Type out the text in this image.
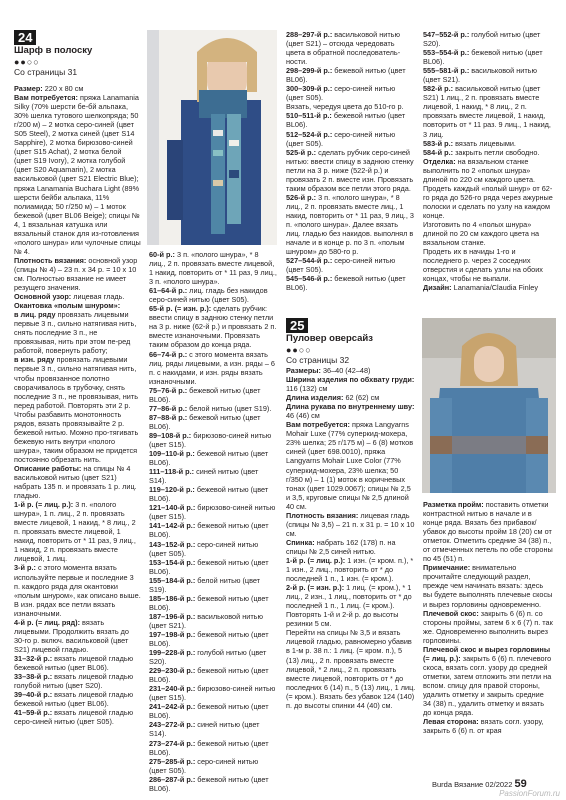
24

Шарф в полоску

●●○○
Со страницы 31

Размер: 220 x 80 см

Вам потребуется: пряжа Lanamania Silky (70% шерсти бе-бй альпака, 30% шелка тутового шелкопряда; 50 г/200 м) – 2 мотка серо-синей (цвет S05 Steel), 2 мотка синей (цвет S14 Sapphire), 2 мотка бирюзово-синей (цвет S15 Achat), 2 мотка белой (цвет S19 Ivory), 2 мотка голубой (цвет S20 Aquamarin), 2 мотка васильковой (цвет S21 Electric Blue); пряжа Lanamania Buchara Light (89% шерсти бейби альпака, 11% полиамида; 50 г/250 м) – 1 моток бежевой (цвет BL06 Beige); спицы № 4, 1 вязальная катушка или вязальный станок для из-готовления «полого шнура» или чулочные спицы № 4.

Плотность вязания: основной узор (спицы № 4) – 23 п. x 34 р. = 10 x 10 см. Полностью вязание не имеет резущего значения.

Основной узор: лицевая гладь.

Окантовка «полым шнуром»:

в лиц. ряду провязать лицевыми первые 3 п., сильно натягивая нить, снять последние 3 п., не провязывая, нить при этом пе-ред работой, повернуть работу;

в изн. ряду провязать лицевыми первые 3 п., сильно натягивая нить, чтобы провязанное полотно сворачивалось в трубочку, снять последние 3 п., не провязывая, нить перед работой. Повторять эти 2 р.

Чтобы разбавить монотонность рядов, вязать провязывайте 2 р. бежевой нитью. Можно про-тягивать бежевую нить внутри «полого шнура», таким образом не придется постоянно обрезать нить.

Описание работы: на спицы № 4 васильковой нитью (цвет S21) набрать 135 п. и провязать 1 р. лиц. гладью.

1-й р. (= лиц. р.): 3 п. «полого шнура», 1 п. лиц., 2 п. провязать вместе лицевой, 1 накид, * 8 лиц., 2 п. провязать вместе лицевой, 1 накид, повторить от * 11 раз, 9 лиц., 1 накид, 2 п. провязать вместе лицевой, 1 лиц.

3-й р.: с этого момента вязать используйте первые и последние 3 п. каждого ряда для окантовки «полым шнуром», как описано выше. В изн. рядах все петли вязать изнаночными.

4-й р. (= лиц. ряд): вязать лицевыми. Продолжить вязать до 30-го р. включ. васильковой (цвет S21) лицевой гладью.

31–32-й р.: вязать лицевой гладью бежевой нитью (цвет BL06).

33–38-й р.: вязать лицевой гладью голубой нитью (цвет S20).

39–40-й р.: вязать лицевой гладью бежевой нитью (цвет BL06).

41–59-й р.: вязать лицевой гладью серо-синей нитью (цвет S05).

60-й р.: 3 п. «полого шнура», * 8 лиц., 2 п. провязать вместе лицевой, 1 накид, повторить от * 11 раз, 9 лиц., 3 п. «полого шнура».

61–64-й р.: лиц. гладь без накидов серо-синей нитью (цвет S05).

65-й р. (= изн. р.): сделать рубчик: ввести спицу в заднюю стенку петли на 3 р. ниже (62-й р.) и провязать 2 п. вместе изнаночными. Провязать таким образом до конца ряда.

66–74-й р.: с этого момента вязать лиц. ряды лицевыми, а изн. ряды – 6 п. с накидами, и изн. ряды вязать изнаночными.

75–76-й р.: бежевой нитью (цвет BL06).

77–86-й р.: белой нитью (цвет S19).

87–88-й р.: бежевой нитью (цвет BL06).

89–108-й р.: бирюзово-синей нитью (цвет S15).

109–110-й р.: бежевой нитью (цвет BL06).

111–118-й р.: синей нитью (цвет S14).

119–120-й р.: бежевой нитью (цвет BL06).

121–140-й р.: бирюзово-синей нитью (цвет S15).

141–142-й р.: бежевой нитью (цвет BL06).

143–152-й р.: серо-синей нитью (цвет S05).

153–154-й р.: бежевой нитью (цвет BL06).

155–184-й р.: белой нитью (цвет S19).

185–186-й р.: бежевой нитью (цвет BL06).

187–196-й р.: васильковой нитью (цвет S21).

197–198-й р.: бежевой нитью (цвет BL06).

199–228-й р.: голубой нитью (цвет S20).

229–230-й р.: бежевой нитью (цвет BL06).

231–240-й р.: бирюзово-синей нитью (цвет S15).

241–242-й р.: бежевой нитью (цвет BL06).

243–272-й р.: синей нитью (цвет S14).

273–274-й р.: бежевой нитью (цвет BL06).

275–285-й р.: серо-синей нитью (цвет S05).

286–287-й р.: бежевой нитью (цвет BL06).

288–297-й р.: васильковой нитью (цвет S21) – отсюда чередовать цвета в обратной последователь-ности.

298–299-й р.: бежевой нитью (цвет BL06).

300–309-й р.: серо-синей нитью (цвет S05).

Вязать, чередуя цвета до 510-го р.

510–511-й р.: бежевой нитью (цвет BL06).

512–524-й р.: серо-синей нитью (цвет S05).

525-й р.: сделать рубчик серо-синей нитью: ввести спицу в заднюю стенку петли на 3 р. ниже (522-й р.) и провязать 2 п. вместе изн. Провязать таким образом все петли этого ряда.

526-й р.: 3 п. «полого шнура», * 8 лиц., 2 п. провязать вместе лиц., 1 накид, повторить от * 11 раз, 9 лиц., 3 п. «полого шнура». Далее вязать лиц. гладью без накидов. выполнял в начале и в конце р. по 3 п. «полым шнуром» до 580-го р.

527–544-й р.: серо-синей нитью (цвет S05).

545–546-й р.: бежевой нитью (цвет BL06).

547–552-й р.: голубой нитью (цвет S20).

553–554-й р.: бежевой нитью (цвет BL06).

555–581-й р.: васильковой нитью (цвет S21).

582-й р.: васильковой нитью (цвет S21) 1 лиц., 2 п. провязать вместе лицевой, 1 накид, * 8 лиц., 2 п. провязать вместе лицевой, 1 накид, повторить от * 11 раз. 9 лиц., 1 накид, 3 лиц.

583-й р.: вязать лицевыми.

584-й р.: закрыть петли свободно.

Отделка: на вязальном станке выполнить по 2 «полых шнура» длиной по 220 см каждого цвета. Продеть каждый «полый шнур» от 62-го ряда до 526-го ряда через ажурные полоски и сделать по узлу на каждом конце.

Изготовить по 4 «полых шнура» длиной по 20 см каждого цвета на вязальном станке.

Продеть их в начиды 1-го и последнего р. через 2 соседних отверстия и сделать узлы на обоих концах, чтобы не выпали.

Дизайн: Lanamania/Claudia Finley

25

Пуловер оверсайз

●●○○
Со страницы 32

Размеры: 36–40 (42–48)

Ширина изделия по обхвату груди: 116 (132) см

Длина изделия: 62 (62) см

Длина рукава по внутреннему шву: 46 (46) см

Вам потребуется: пряжа Langyarns Mohair Luxe (77% суперкид-мохера, 23% шелка; 25 г/175 м) – 6 (8) мотков синей (цвет 698.0010), пряжа Langyarns Mohair Luxe Color (77% суперкид-мохера, 23% шелка; 50 г/350 м) – 1 (1) моток в коричневых тонах (цвет 1029.0067); спицы № 2,5 и 3,5, круговые спицы № 2,5 длиной 40 см.

Плотность вязания: лицевая гладь (спицы № 3,5) – 21 п. x 31 р. = 10 x 10 см.

Спинка: набрать 162 (178) п. на спицы № 2,5 синей нитью.

1-й р. (= лиц. р.): 1 изн. (= кром. п.), * 1 изн., 2 лиц., повторить от * до последней 1 п., 1 изн. (= кром.).

2-й р. (= изн. р.): 1 лиц. (= кром.), * 1 лиц., 2 изн., 1 лиц., повторить от * до последней 1 п., 1 лиц. (= кром.).

Повторять 1-й и 2-й р. до высоты резинки 5 см.

Перейти на спицы № 3,5 и вязать лицевой гладью, равномерно убавив в 1-м р. 38 п.: 1 лиц. (= кром. п.), 5 (13) лиц., 2 п. провязать вместе лицевой, * 2 лиц., 2 п. провязать вместе лицевой, повторить от * до последних 6 (14) п., 5 (13) лиц., 1 лиц. (= кром.). Вязать без убавок 124 (140) п. до высоты спинки 44 (40) см.

Разметка пройм: поставить отметки контрастной нитью в начале и в конце ряда. Вязать без прибавок/убавок до высоты пройм 18 (20) см от отметок. Отметить средние 34 (38) п., от отмеченных петель по обе стороны по 45 (51) п.

Примечание: внимательно прочитайте следующий раздел, прежде чем начинать вязать: здесь вы будете выполнять плечевые скосы и вырез горловины одновременно.

Плечевой скос: закрыть 6 (6) п. со стороны проймы, затем 6 x 6 (7) п. так же. Одновременно выполнить вырез горловины.

Плечевой скос и вырез горловины (= лиц. р.): закрыть 6 (6) п. плечевого скоса, вязать согл. узору до средней отметки, затем отложить эти петли на вспом. спицу для правой стороны, удалить отметку и закрыть средние 34 (38) п., удалить отметку и вязать до конца ряда.

Левая сторона: вязать согл. узору, закрыть 6 (6) п. от края

Burda Вязание 02/2022 59
PassionForum.ru
